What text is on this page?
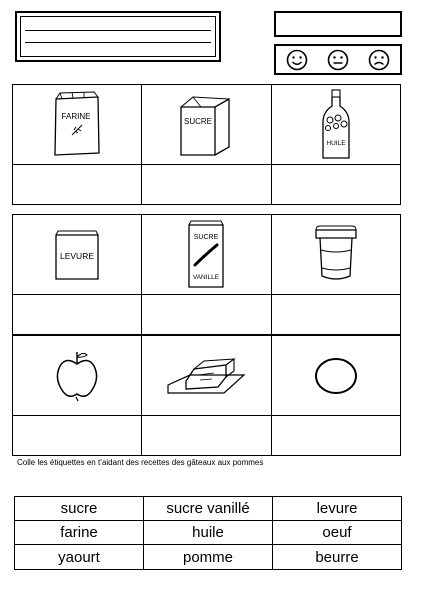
FARINE
SUCRE
HUILE
LEVURE
SUCRE
VANILLE
Colle les étiquettes en t’aidant des recettes des gâteaux aux pommes
sucre	sucre vanillé	levure
farine	huile	oeuf
yaourt	pomme	beurre
